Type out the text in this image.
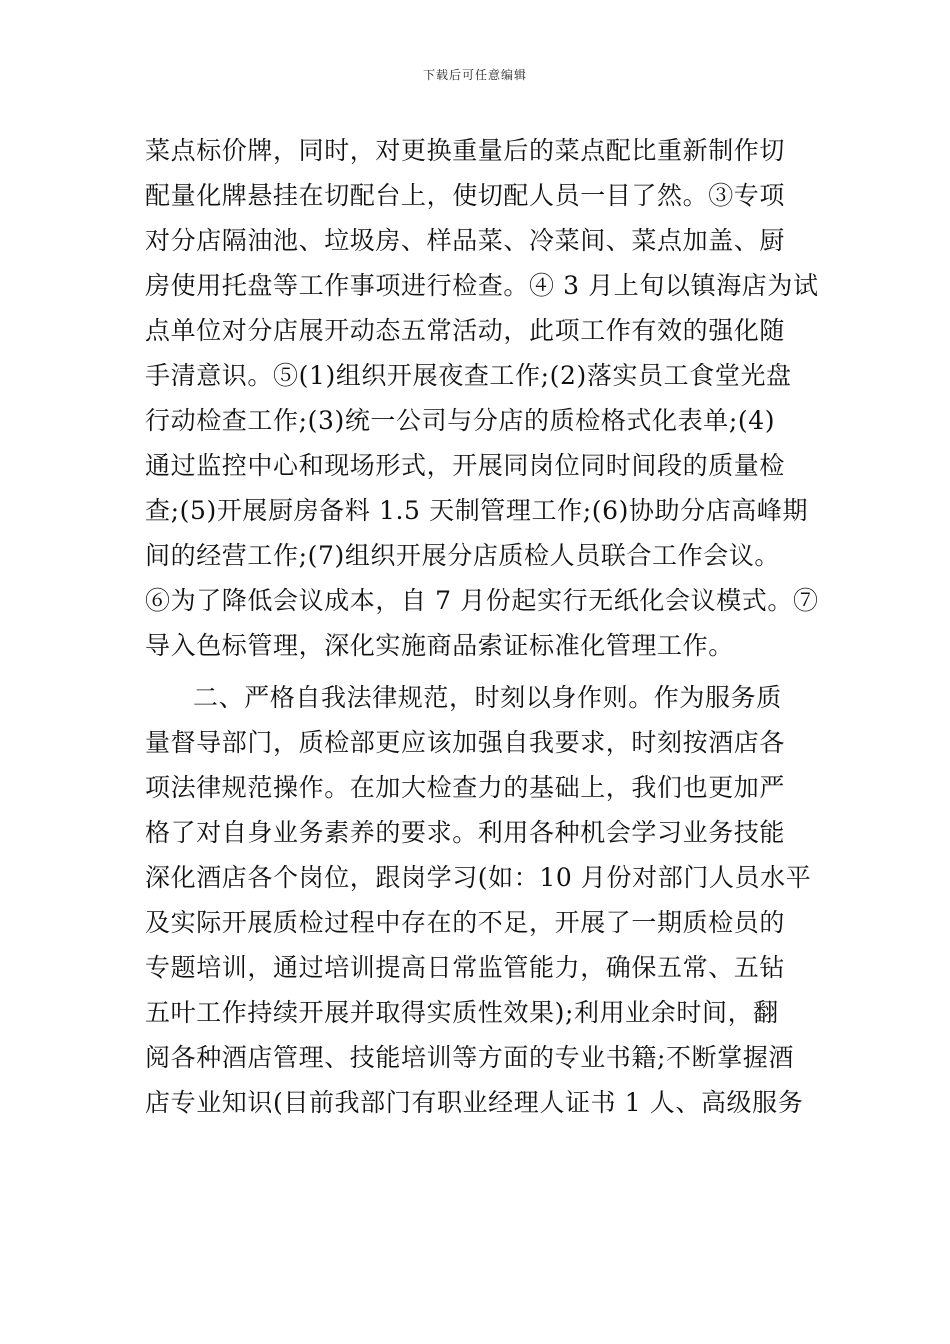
下载后可任意编辑
菜点标价牌，同时，对更换重量后的菜点配比重新制作切
配量化牌悬挂在切配台上，使切配人员一目了然。③专项
对分店隔油池、垃圾房、样品菜、冷菜间、菜点加盖、厨
房使用托盘等工作事项进行检查。④ 3 月上旬以镇海店为试
点单位对分店展开动态五常活动，此项工作有效的强化随
手清意识。⑤(1)组织开展夜查工作;(2)落实员工食堂光盘
行动检查工作;(3)统一公司与分店的质检格式化表单;(4)
通过监控中心和现场形式，开展同岗位同时间段的质量检
查;(5)开展厨房备料 1.5 天制管理工作;(6)协助分店高峰期
间的经营工作;(7)组织开展分店质检人员联合工作会议。
⑥为了降低会议成本，自 7 月份起实行无纸化会议模式。⑦
导入色标管理，深化实施商品索证标准化管理工作。
二、严格自我法律规范，时刻以身作则。作为服务质
量督导部门，质检部更应该加强自我要求，时刻按酒店各
项法律规范操作。在加大检查力的基础上，我们也更加严
格了对自身业务素养的要求。利用各种机会学习业务技能
深化酒店各个岗位，跟岗学习(如：10 月份对部门人员水平
及实际开展质检过程中存在的不足，开展了一期质检员的
专题培训，通过培训提高日常监管能力，确保五常、五钻
五叶工作持续开展并取得实质性效果);利用业余时间，翻
阅各种酒店管理、技能培训等方面的专业书籍;不断掌握酒
店专业知识(目前我部门有职业经理人证书 1 人、高级服务
